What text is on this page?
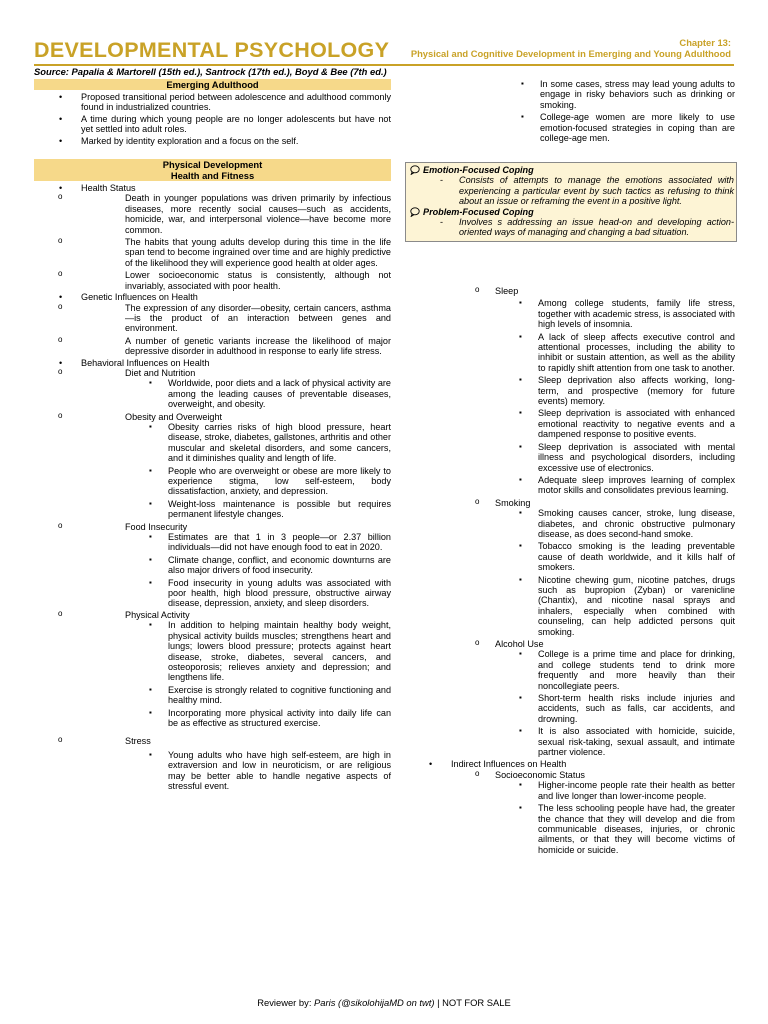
DEVELOPMENTAL PSYCHOLOGY	Chapter 13:
Physical and Cognitive Development in Emerging and Young Adulthood
Source: Papalia & Martorell (15th ed.), Santrock (17th ed.), Boyd & Bee (7th ed.)
Emerging Adulthood
• Proposed transitional period between adolescence and adulthood commonly found in industrialized countries.
• A time during which young people are no longer adolescents but have not yet settled into adult roles.
• Marked by identity exploration and a focus on the self.
Physical Development
Health and Fitness
• Health Status
o Death in younger populations was driven primarily by infectious diseases, more recently social causes—such as accidents, homicide, war, and interpersonal violence—have become more common.
o The habits that young adults develop during this time in the life span tend to become ingrained over time and are highly predictive of the likelihood they will experience good health at older ages.
o Lower socioeconomic status is consistently, although not invariably, associated with poor health.
• Genetic Influences on Health
o The expression of any disorder—obesity, certain cancers, asthma—is the product of an interaction between genes and environment.
o A number of genetic variants increase the likelihood of major depressive disorder in adulthood in response to early life stress.
• Behavioral Influences on Health
o Diet and Nutrition
▪ Worldwide, poor diets and a lack of physical activity are among the leading causes of preventable diseases, overweight, and obesity.
o Obesity and Overweight
▪ Obesity carries risks of high blood pressure, heart disease, stroke, diabetes, gallstones, arthritis and other muscular and skeletal disorders, and some cancers, and it diminishes quality and length of life.
▪ People who are overweight or obese are more likely to experience stigma, low self-esteem, body dissatisfaction, anxiety, and depression.
▪ Weight-loss maintenance is possible but requires permanent lifestyle changes.
o Food Insecurity
▪ Estimates are that 1 in 3 people—or 2.37 billion individuals—did not have enough food to eat in 2020.
▪ Climate change, conflict, and economic downturns are also major drivers of food insecurity.
▪ Food insecurity in young adults was associated with poor health, high blood pressure, obstructive airway disease, depression, anxiety, and sleep disorders.
o Physical Activity
▪ In addition to helping maintain healthy body weight, physical activity builds muscles; strengthens heart and lungs; lowers blood pressure; protects against heart disease, stroke, diabetes, several cancers, and osteoporosis; relieves anxiety and depression; and lengthens life.
▪ Exercise is strongly related to cognitive functioning and healthy mind.
▪ Incorporating more physical activity into daily life can be as effective as structured exercise.
o Stress
▪ Young adults who have high self-esteem, are high in extraversion and low in neuroticism, or are religious may be better able to handle negative aspects of stressful event.
▪ In some cases, stress may lead young adults to engage in risky behaviors such as drinking or smoking.
▪ College-age women are more likely to use emotion-focused strategies in coping than are college-age men.
Emotion-Focused Coping
- Consists of attempts to manage the emotions associated with experiencing a particular event by such tactics as refusing to think about an issue or reframing the event in a positive light.
Problem-Focused Coping
- Involves s addressing an issue head-on and developing action-oriented ways of managing and changing a bad situation.
o Sleep
▪ Among college students, family life stress, together with academic stress, is associated with high levels of insomnia.
▪ A lack of sleep affects executive control and attentional processes, including the ability to inhibit or sustain attention, as well as the ability to rapidly shift attention from one task to another.
▪ Sleep deprivation also affects working, long-term, and prospective (memory for future events) memory.
▪ Sleep deprivation is associated with enhanced emotional reactivity to negative events and a dampened response to positive events.
▪ Sleep deprivation is associated with mental illness and psychological disorders, including excessive use of electronics.
▪ Adequate sleep improves learning of complex motor skills and consolidates previous learning.
o Smoking
▪ Smoking causes cancer, stroke, lung disease, diabetes, and chronic obstructive pulmonary disease, as does second-hand smoke.
▪ Tobacco smoking is the leading preventable cause of death worldwide, and it kills half of smokers.
▪ Nicotine chewing gum, nicotine patches, drugs such as bupropion (Zyban) or varenicline (Chantix), and nicotine nasal sprays and inhalers, especially when combined with counseling, can help addicted persons quit smoking.
o Alcohol Use
▪ College is a prime time and place for drinking, and college students tend to drink more frequently and more heavily than their noncollegiate peers.
▪ Short-term health risks include injuries and accidents, such as falls, car accidents, and drowning.
▪ It is also associated with homicide, suicide, sexual risk-taking, sexual assault, and intimate partner violence.
• Indirect Influences on Health
o Socioeconomic Status
▪ Higher-income people rate their health as better and live longer than lower-income people.
▪ The less schooling people have had, the greater the chance that they will develop and die from communicable diseases, injuries, or chronic ailments, or that they will become victims of homicide or suicide.
Reviewer by: Paris (@sikolohijaMD on twt) | NOT FOR SALE
